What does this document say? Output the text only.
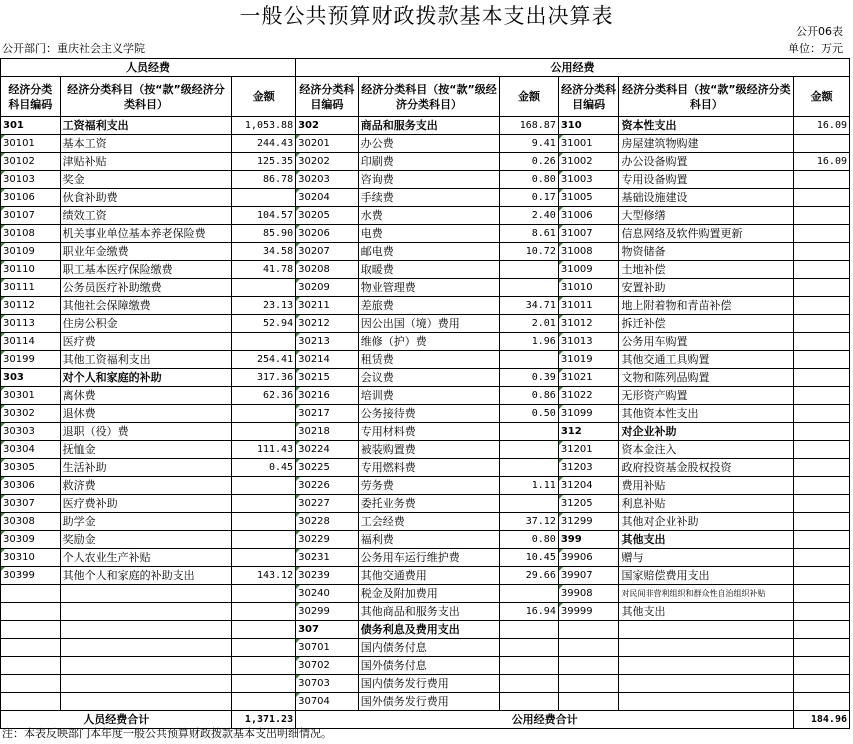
一般公共预算财政拨款基本支出决算表
公开06表
公开部门：重庆社会主义学院	单位：万元
人员经费			公用经费					
经济分类科目编码	经济分类科目（按“款”级经济分类科目）	金额	经济分类科目编码	经济分类科目（按“款”级经济分类科目）	金额	经济分类科目编码	经济分类科目（按“款”级经济分类科目）	金额
301	工资福利支出	1,053.88	302	商品和服务支出	168.87	310	资本性支出	16.09
30101	基本工资	244.43	30201	办公费	9.41	31001	房屋建筑物购建	
30102	津贴补贴	125.35	30202	印刷费	0.26	31002	办公设备购置	16.09
30103	奖金	86.78	30203	咨询费	0.80	31003	专用设备购置	
30106	伙食补助费		30204	手续费	0.17	31005	基础设施建设	
30107	绩效工资	104.57	30205	水费	2.40	31006	大型修缮	
30108	机关事业单位基本养老保险费	85.90	30206	电费	8.61	31007	信息网络及软件购置更新	
30109	职业年金缴费	34.58	30207	邮电费	10.72	31008	物资储备	
30110	职工基本医疗保险缴费	41.78	30208	取暖费		31009	土地补偿	
30111	公务员医疗补助缴费		30209	物业管理费		31010	安置补助	
30112	其他社会保障缴费	23.13	30211	差旅费	34.71	31011	地上附着物和青苗补偿	
30113	住房公积金	52.94	30212	因公出国（境）费用	2.01	31012	拆迁补偿	
30114	医疗费		30213	维修（护）费	1.96	31013	公务用车购置	
30199	其他工资福利支出	254.41	30214	租赁费		31019	其他交通工具购置	
303	对个人和家庭的补助	317.36	30215	会议费	0.39	31021	文物和陈列品购置	
30301	离休费	62.36	30216	培训费	0.86	31022	无形资产购置	
30302	退休费		30217	公务接待费	0.50	31099	其他资本性支出	
30303	退职（役）费		30218	专用材料费		312	对企业补助	
30304	抚恤金	111.43	30224	被装购置费		31201	资本金注入	
30305	生活补助	0.45	30225	专用燃料费		31203	政府投资基金股权投资	
30306	救济费		30226	劳务费	1.11	31204	费用补贴	
30307	医疗费补助		30227	委托业务费		31205	利息补贴	
30308	助学金		30228	工会经费	37.12	31299	其他对企业补助	
30309	奖励金		30229	福利费	0.80	399	其他支出	
30310	个人农业生产补贴		30231	公务用车运行维护费	10.45	39906	赠与	
30399	其他个人和家庭的补助支出	143.12	30239	其他交通费用	29.66	39907	国家赔偿费用支出	
			30240	税金及附加费用		39908	对民间非营利组织和群众性自治组织补贴	
			30299	其他商品和服务支出	16.94	39999	其他支出	
			307	债务利息及费用支出				
			30701	国内债务付息				
			30702	国外债务付息				
			30703	国内债务发行费用				
			30704	国外债务发行费用				
人员经费合计		1,371.23	公用经费合计					184.96
注：本表反映部门本年度一般公共预算财政拨款基本支出明细情况。
